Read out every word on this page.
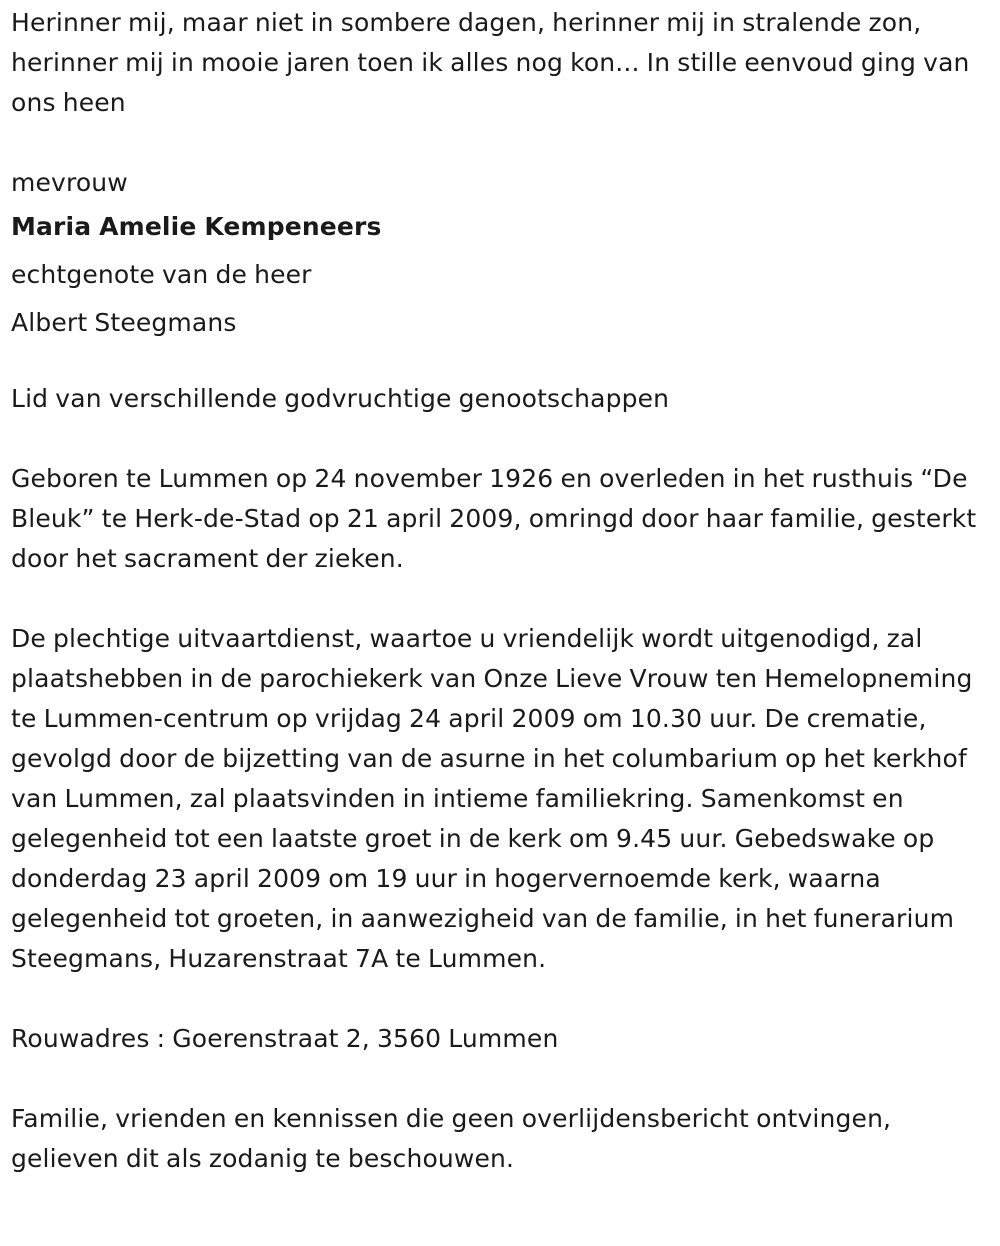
Herinner mij, maar niet in sombere dagen, herinner mij in stralende zon, herinner mij in mooie jaren toen ik alles nog kon... In stille eenvoud ging van ons heen

mevrouw

Maria Amelie Kempeneers

echtgenote van de heer

Albert Steegmans

Lid van verschillende godvruchtige genootschappen

Geboren te Lummen op 24 november 1926 en overleden in het rusthuis “De Bleuk” te Herk-de-Stad op 21 april 2009, omringd door haar familie, gesterkt door het sacrament der zieken.

De plechtige uitvaartdienst, waartoe u vriendelijk wordt uitgenodigd, zal plaatshebben in de parochiekerk van Onze Lieve Vrouw ten Hemelopneming te Lummen-centrum op vrijdag 24 april 2009 om 10.30 uur. De crematie, gevolgd door de bijzetting van de asurne in het columbarium op het kerkhof van Lummen, zal plaatsvinden in intieme familiekring. Samenkomst en gelegenheid tot een laatste groet in de kerk om 9.45 uur. Gebedswake op donderdag 23 april 2009 om 19 uur in hogervernoemde kerk, waarna gelegenheid tot groeten, in aanwezigheid van de familie, in het funerarium Steegmans, Huzarenstraat 7A te Lummen.

Rouwadres : Goerenstraat 2, 3560 Lummen

Familie, vrienden en kennissen die geen overlijdensbericht ontvingen, gelieven dit als zodanig te beschouwen.
